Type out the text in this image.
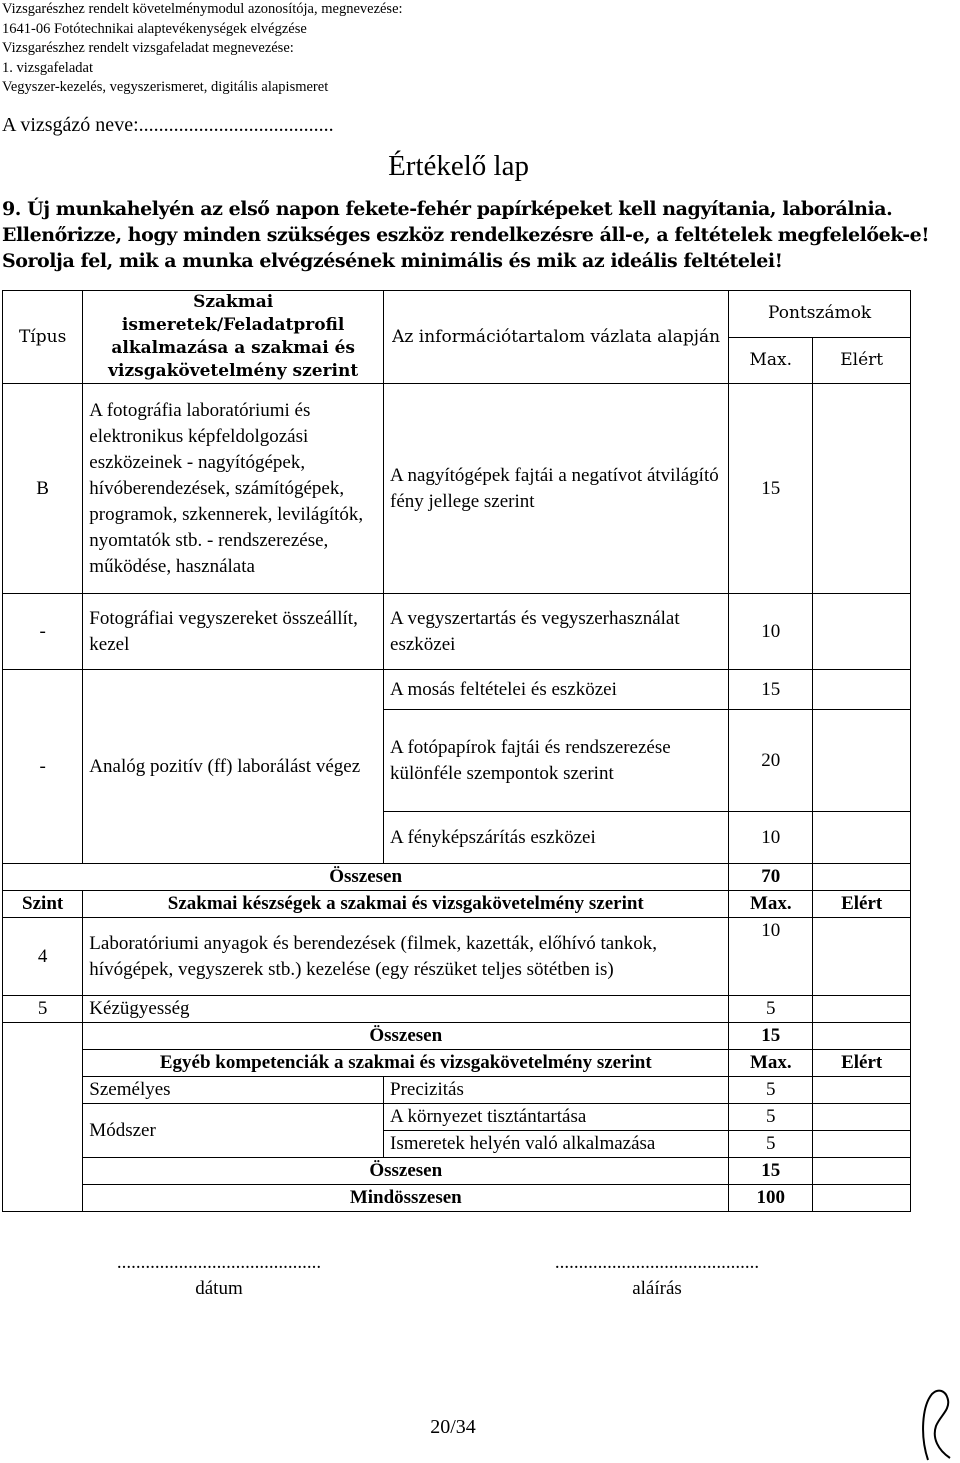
Vizsgarészhez rendelt követelménymodul azonosítója, megnevezése:
1641-06 Fotótechnikai alaptevékenységek elvégzése
Vizsgarészhez rendelt vizsgafeladat megnevezése:
1. vizsgafeladat
Vegyszer-kezelés, vegyszerismeret, digitális alapismeret
A vizsgázó neve:.......................................
Értékelő lap
9. Új munkahelyén az első napon fekete-fehér papírképeket kell nagyítania, laborálnia.
Ellenőrizze, hogy minden szükséges eszköz rendelkezésre áll-e, a feltételek megfelelőek-e!
Sorolja fel, mik a munka elvégzésének minimális és mik az ideális feltételei!
Típus	Szakmai ismeretek/Feladatprofil alkalmazása a szakmai és vizsgakövetelmény szerint	Az információtartalom vázlata alapján	Pontszámok	
			Max.	Elért
B	A fotográfia laboratóriumi és elektronikus képfeldolgozási eszközeinek - nagyítógépek, hívóberendezések, számítógépek, programok, szkennerek, levilágítók, nyomtatók stb. - rendszerezése, működése, használata	A nagyítógépek fajtái a negatívot átvilágító fény jellege szerint	15	
-	Fotográfiai vegyszereket összeállít, kezel	A vegyszertartás és vegyszerhasználat eszközei	10	
-	Analóg pozitív (ff) laborálást végez	A mosás feltételei és eszközei	15	
		A fotópapírok fajtái és rendszerezése különféle szempontok szerint	20	
		A fényképszárítás eszközei	10	
Összesen			70	
Szint	Szakmai készségek a szakmai és vizsgakövetelmény szerint		Max.	Elért
4	Laboratóriumi anyagok és berendezések (filmek, kazetták, előhívó tankok, hívógépek, vegyszerek stb.) kezelése (egy részüket teljes sötétben is)		10	
5	Kézügyesség		5	
	Összesen		15	
	Egyéb kompetenciák a szakmai és vizsgakövetelmény szerint		Max.	Elért
	Személyes	Precizitás	5	
	Módszer	A környezet tisztántartása	5	
		Ismeretek helyén való alkalmazása	5	
	Összesen		15	
	Mindösszesen		100	
...........................................
dátum
...........................................
aláírás
20/34
